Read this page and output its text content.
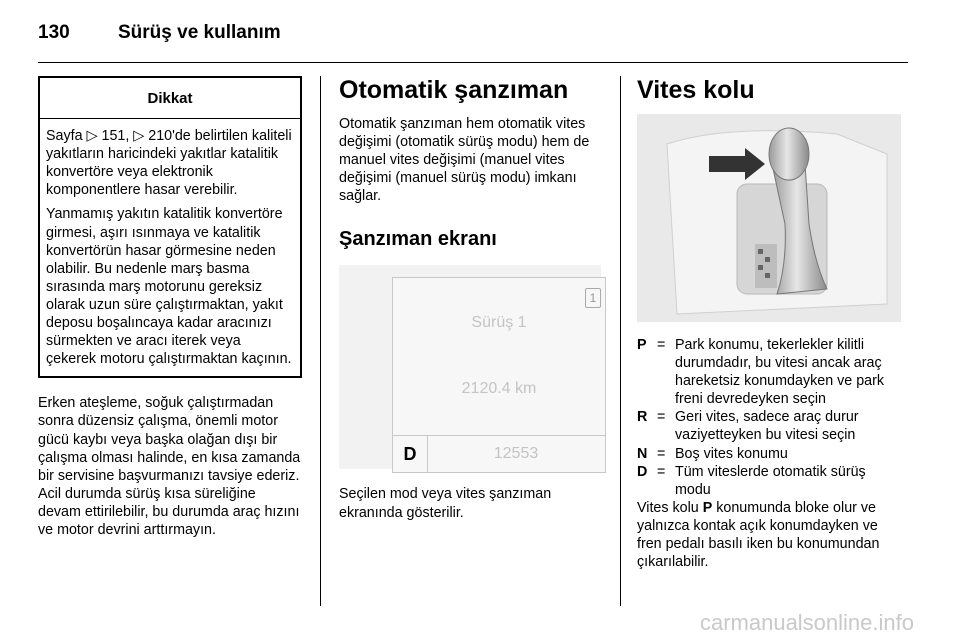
130	Sürüş ve kullanım
Dikkat

Sayfa ▷ 151, ▷ 210'de belirtilen kaliteli yakıtların haricindeki yakıtlar katalitik konvertöre veya elektronik komponentlere hasar verebilir.

Yanmamış yakıtın katalitik konvertöre girmesi, aşırı ısınmaya ve katalitik konvertörün hasar görmesine neden olabilir. Bu nedenle marş basma sırasında marş motorunu gereksiz olarak uzun süre çalıştırmaktan, yakıt deposu boşalıncaya kadar aracınızı sürmekten ve aracı iterek veya çekerek motoru çalıştırmaktan kaçının.

Erken ateşleme, soğuk çalıştırmadan sonra düzensiz çalışma, önemli motor gücü kaybı veya başka olağan dışı bir çalışma olması halinde, en kısa zamanda bir servisine başvurmanızı tavsiye ederiz. Acil durumda sürüş kısa süreliğine devam ettirilebilir, bu durumda araç hızını ve motor devrini arttırmayın.

Otomatik şanzıman

Otomatik şanzıman hem otomatik vites değişimi (otomatik sürüş modu) hem de manuel vites değişimi (manuel vites değişimi (manuel sürüş modu) imkanı sağlar.

Şanzıman ekranı
1
Sürüş 1
2120.4 km
D	12553

Seçilen mod veya vites şanzıman ekranında gösterilir.

Vites kolu
P = Park konumu, tekerlekler kilitli durumdadır, bu vitesi ancak araç hareketsiz konumdayken ve park freni devredeyken seçin
R = Geri vites, sadece araç durur vaziyetteyken bu vitesi seçin
N = Boş vites konumu
D = Tüm viteslerde otomatik sürüş modu

Vites kolu P konumunda bloke olur ve yalnızca kontak açık konumdayken ve fren pedalı basılı iken bu konumundan çıkarılabilir.

carmanualsonline.info
